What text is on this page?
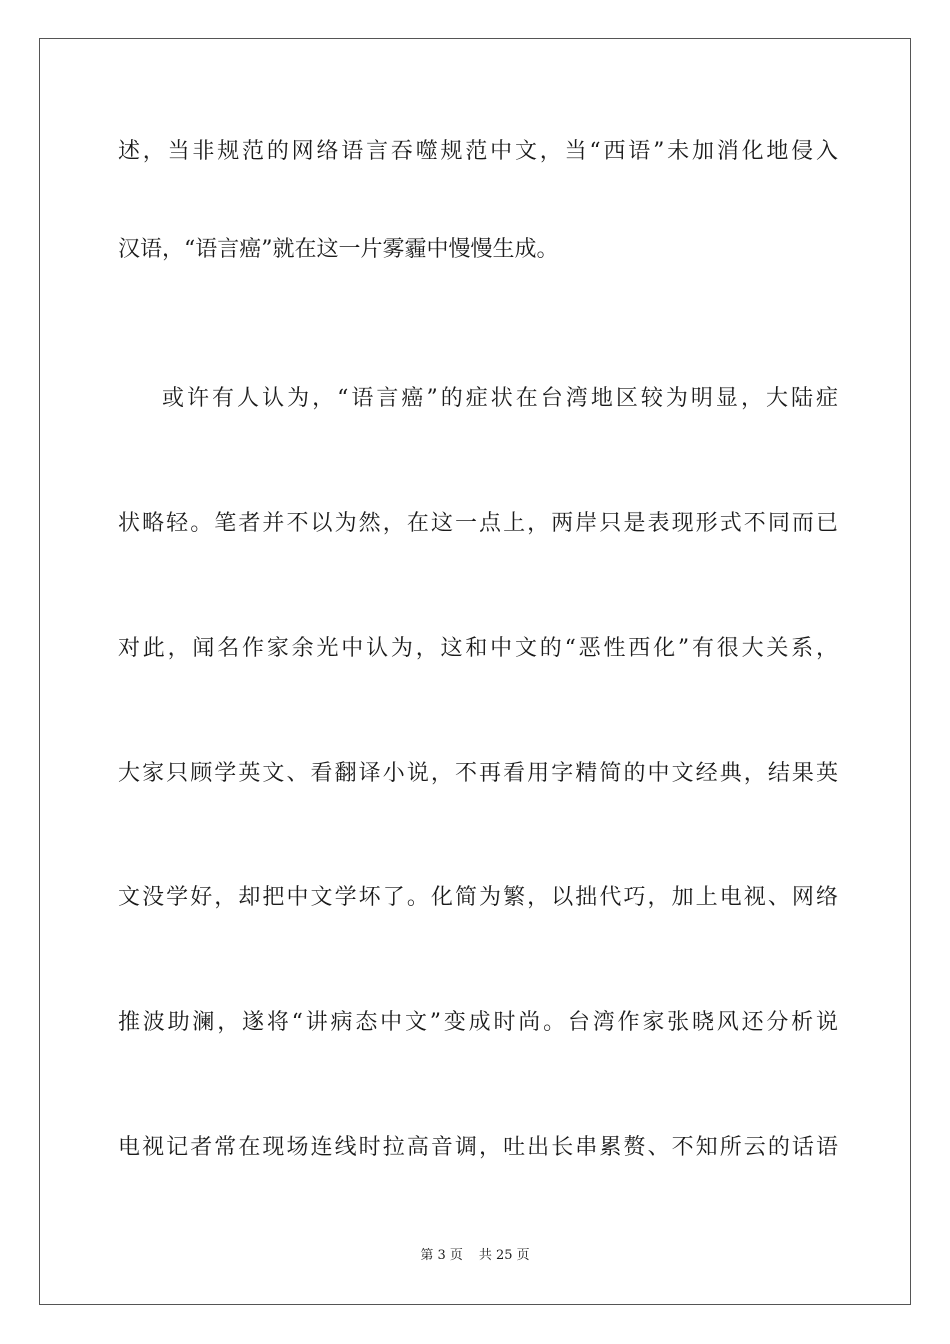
述，当非规范的网络语言吞噬规范中文，当“西语”未加消化地侵入

汉语，“语言癌”就在这一片雾霾中慢慢生成。

或许有人认为，“语言癌”的症状在台湾地区较为明显，大陆症

状略轻。笔者并不以为然，在这一点上，两岸只是表现形式不同而已

对此，闻名作家余光中认为，这和中文的“恶性西化”有很大关系，

大家只顾学英文、看翻译小说，不再看用字精简的中文经典，结果英

文没学好，却把中文学坏了。化简为繁，以拙代巧，加上电视、网络

推波助澜，遂将“讲病态中文”变成时尚。台湾作家张晓风还分析说

电视记者常在现场连线时拉高音调，吐出长串累赘、不知所云的话语

第 3 页 共 25 页
